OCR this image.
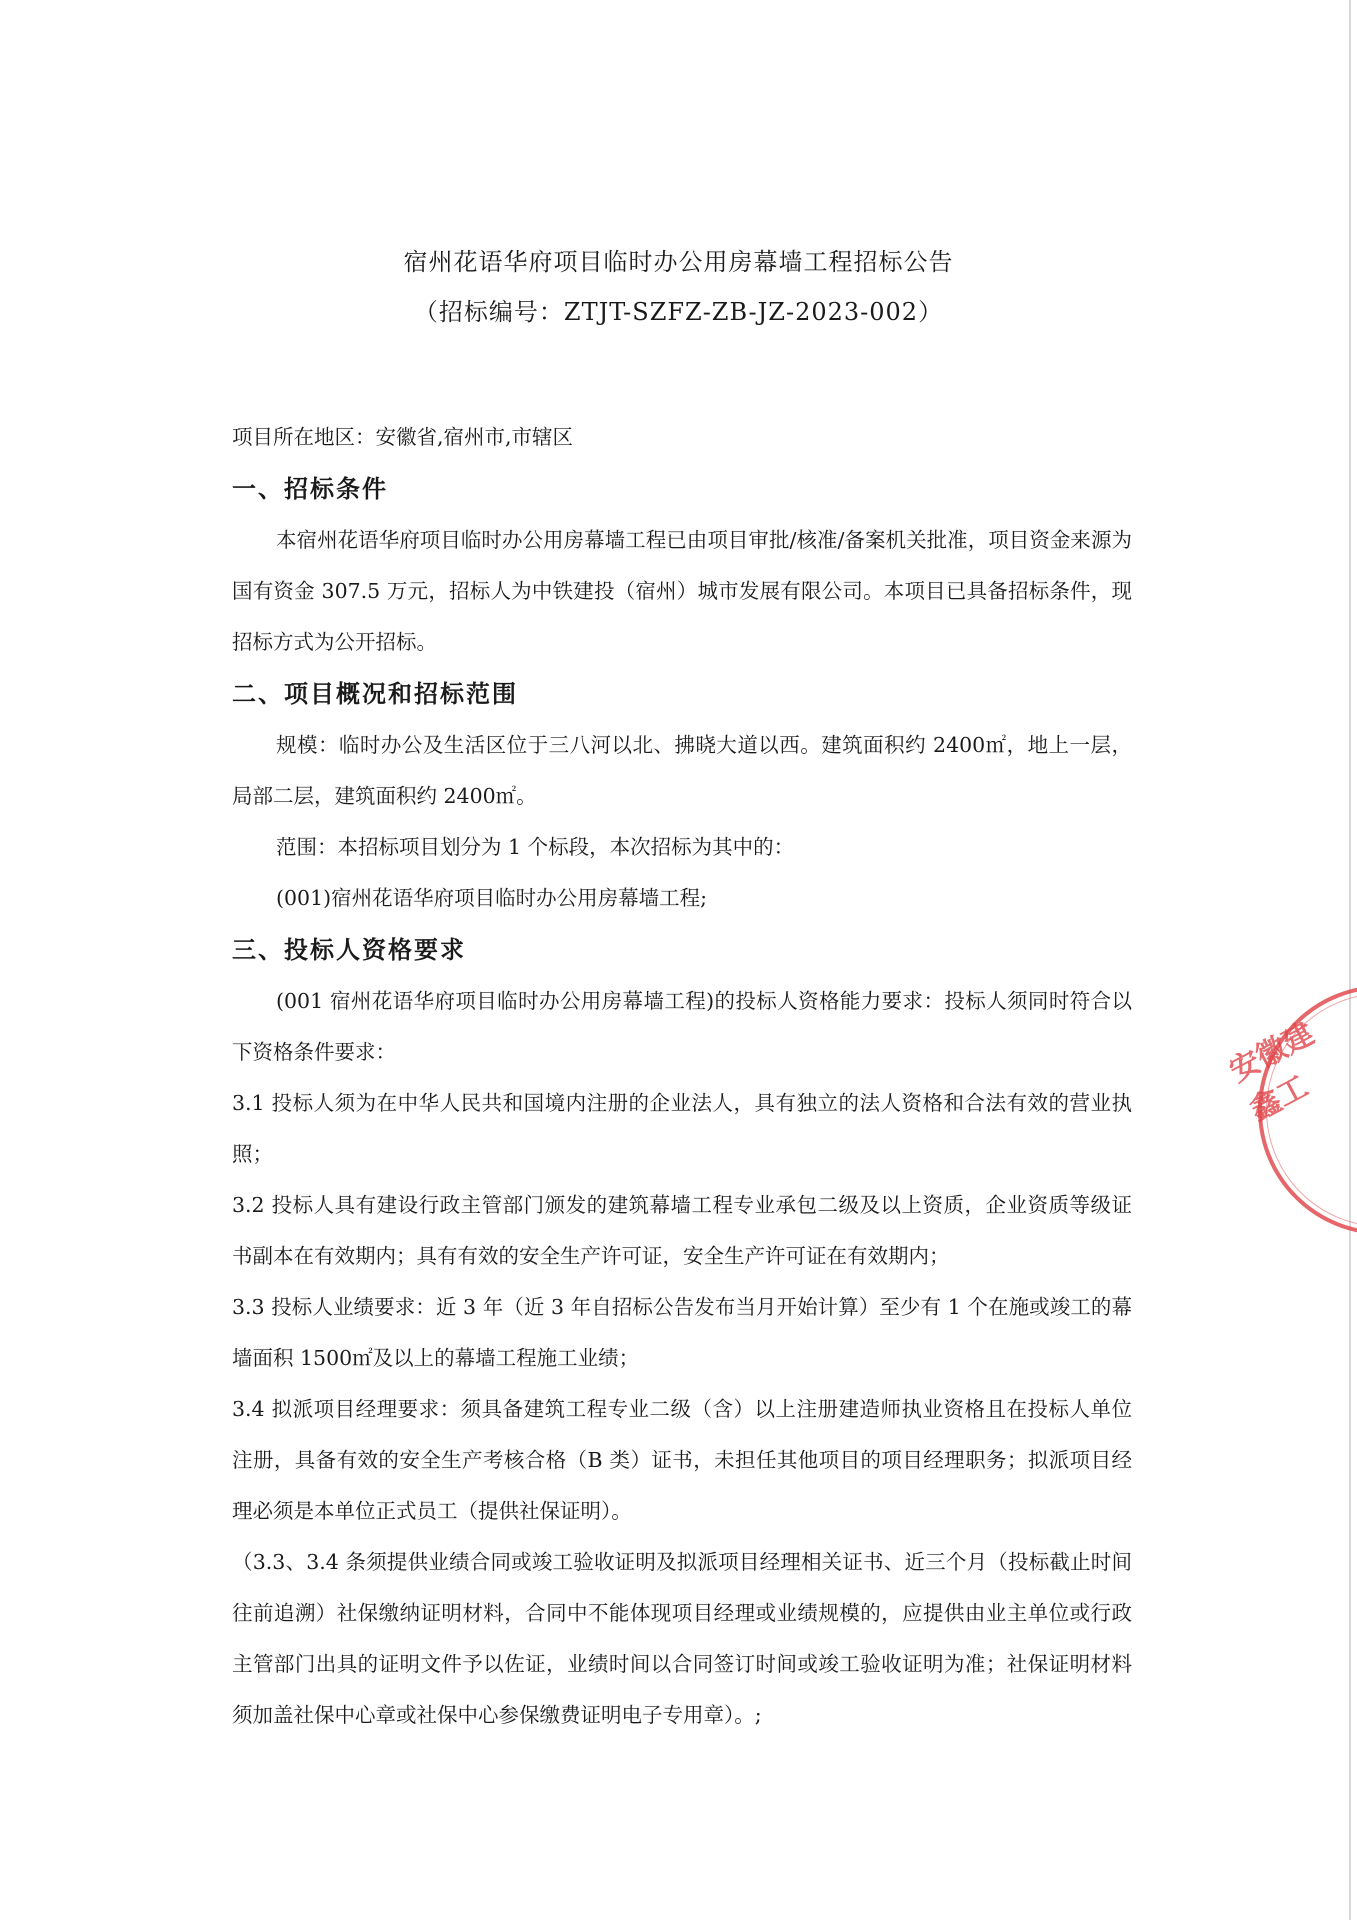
宿州花语华府项目临时办公用房幕墙工程招标公告
（招标编号：ZTJT-SZFZ-ZB-JZ-2023-002）

项目所在地区：安徽省,宿州市,市辖区

一、招标条件

本宿州花语华府项目临时办公用房幕墙工程已由项目审批/核准/备案机关批准，项目资金来源为国有资金 307.5 万元，招标人为中铁建投（宿州）城市发展有限公司。本项目已具备招标条件，现招标方式为公开招标。

二、项目概况和招标范围

规模：临时办公及生活区位于三八河以北、拂晓大道以西。建筑面积约 2400㎡，地上一层，局部二层，建筑面积约 2400㎡。

范围：本招标项目划分为 1 个标段，本次招标为其中的：

(001)宿州花语华府项目临时办公用房幕墙工程;

三、投标人资格要求

(001 宿州花语华府项目临时办公用房幕墙工程)的投标人资格能力要求：投标人须同时符合以下资格条件要求：

3.1 投标人须为在中华人民共和国境内注册的企业法人，具有独立的法人资格和合法有效的营业执照；

3.2 投标人具有建设行政主管部门颁发的建筑幕墙工程专业承包二级及以上资质，企业资质等级证书副本在有效期内；具有有效的安全生产许可证，安全生产许可证在有效期内；

3.3 投标人业绩要求：近 3 年（近 3 年自招标公告发布当月开始计算）至少有 1 个在施或竣工的幕墙面积 1500㎡及以上的幕墙工程施工业绩；

3.4 拟派项目经理要求：须具备建筑工程专业二级（含）以上注册建造师执业资格且在投标人单位注册，具备有效的安全生产考核合格（B 类）证书，未担任其他项目的项目经理职务；拟派项目经理必须是本单位正式员工（提供社保证明）。

（3.3、3.4 条须提供业绩合同或竣工验收证明及拟派项目经理相关证书、近三个月（投标截止时间往前追溯）社保缴纳证明材料，合同中不能体现项目经理或业绩规模的，应提供由业主单位或行政主管部门出具的证明文件予以佐证，业绩时间以合同签订时间或竣工验收证明为准；社保证明材料须加盖社保中心章或社保中心参保缴费证明电子专用章）。;

安徽建鑫工
